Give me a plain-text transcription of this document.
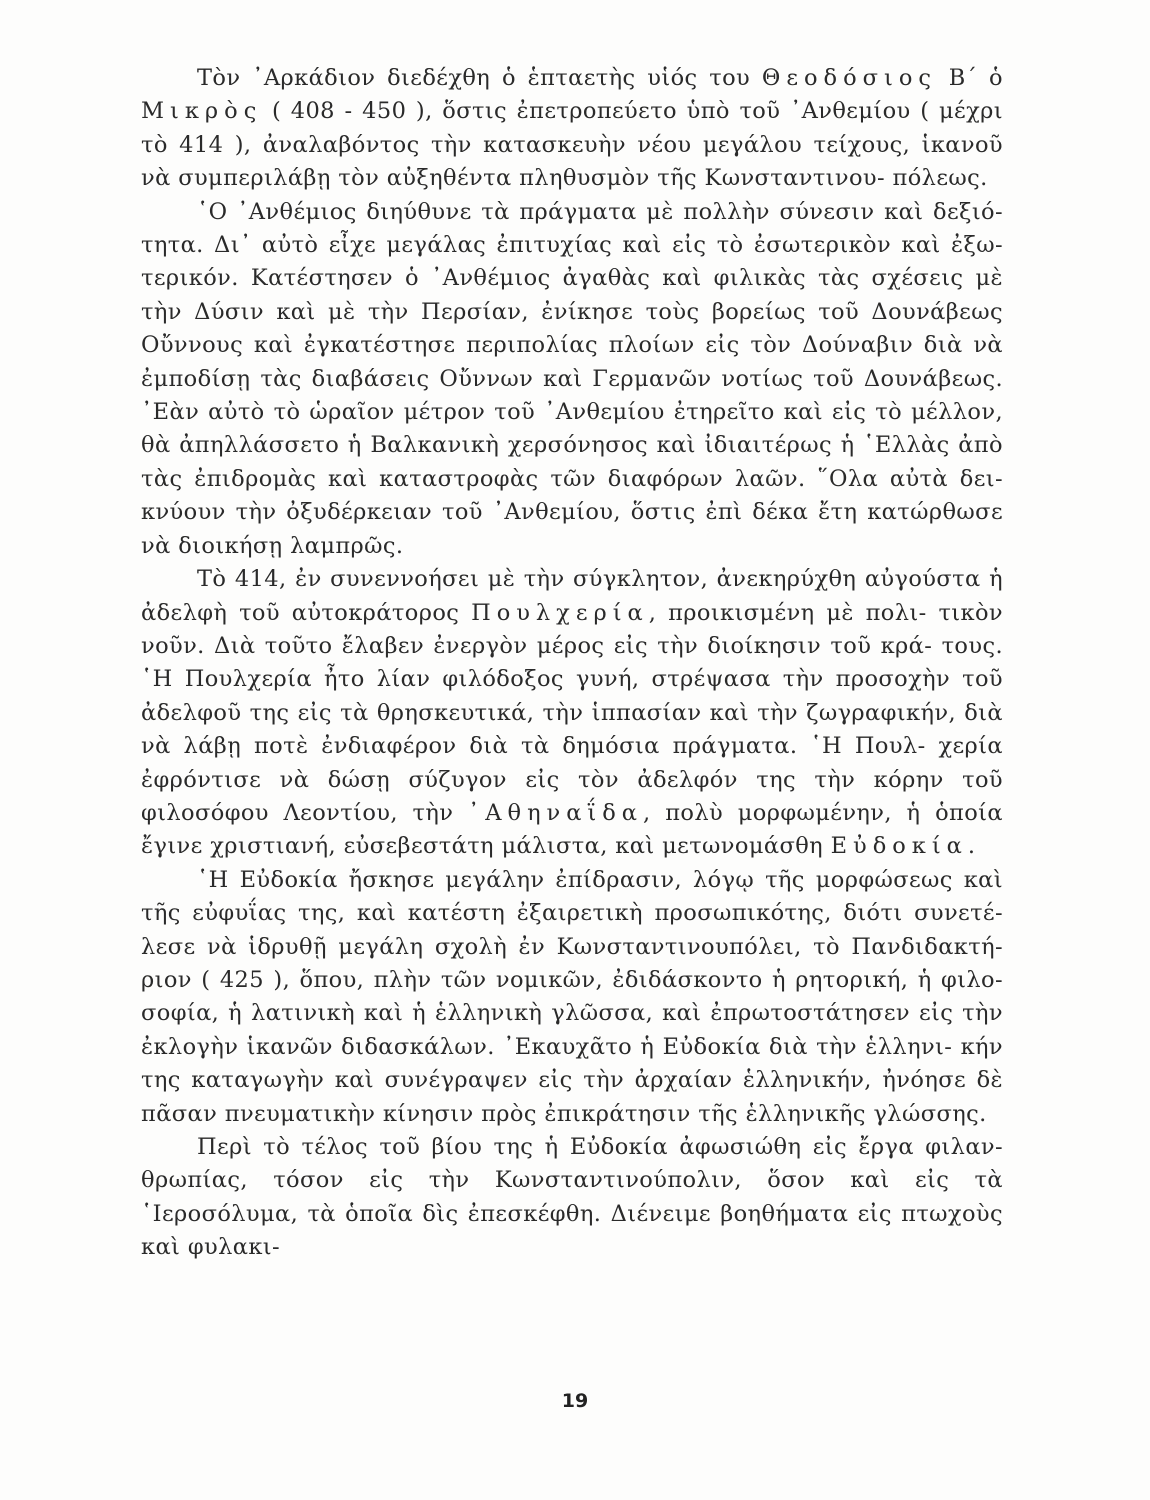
Τὸν ᾿Αρκάδιον διεδέχθη ὁ ἑπταετὴς υἱός του Θεοδόσιος Β΄ ὁ Μικρὸς ( 408 - 450 ), ὅστις ἐπετροπεύετο ὑπὸ τοῦ ᾿Ανθεμίου ( μέχρι τὸ 414 ), ἀναλαβόντος τὴν κατασκευὴν νέου μεγάλου τείχους, ἱκανοῦ νὰ συμπεριλάβῃ τὸν αὐξηθέντα πληθυσμὸν τῆς Κωνσταντινου- πόλεως.

῾Ο ᾿Ανθέμιος διηύθυνε τὰ πράγματα μὲ πολλὴν σύνεσιν καὶ δεξιό- τητα. Δι᾿ αὐτὸ εἶχε μεγάλας ἐπιτυχίας καὶ εἰς τὸ ἐσωτερικὸν καὶ ἐξω- τερικόν. Κατέστησεν ὁ ᾿Ανθέμιος ἀγαθὰς καὶ φιλικὰς τὰς σχέσεις μὲ τὴν Δύσιν καὶ μὲ τὴν Περσίαν, ἐνίκησε τοὺς βορείως τοῦ Δουνάβεως Οὔννους καὶ ἐγκατέστησε περιπολίας πλοίων εἰς τὸν Δούναβιν διὰ νὰ ἐμποδίσῃ τὰς διαβάσεις Οὔννων καὶ Γερμανῶν νοτίως τοῦ Δουνάβεως. ᾿Εὰν αὐτὸ τὸ ὡραῖον μέτρον τοῦ ᾿Ανθεμίου ἐτηρεῖτο καὶ εἰς τὸ μέλλον, θὰ ἀπηλλάσσετο ἡ Βαλκανικὴ χερσόνησος καὶ ἰδιαιτέρως ἡ ῾Ελλὰς ἀπὸ τὰς ἐπιδρομὰς καὶ καταστροφὰς τῶν διαφόρων λαῶν. ῞Ολα αὐτὰ δει- κνύουν τὴν ὀξυδέρκειαν τοῦ ᾿Ανθεμίου, ὅστις ἐπὶ δέκα ἔτη κατώρθωσε νὰ διοικήσῃ λαμπρῶς.

Τὸ 414, ἐν συνεννοήσει μὲ τὴν σύγκλητον, ἀνεκηρύχθη αὐγούστα ἡ ἀδελφὴ τοῦ αὐτοκράτορος Πουλχερία, προικισμένη μὲ πολι- τικὸν νοῦν. Διὰ τοῦτο ἔλαβεν ἐνεργὸν μέρος εἰς τὴν διοίκησιν τοῦ κρά- τους. ῾Η Πουλχερία ἦτο λίαν φιλόδοξος γυνή, στρέψασα τὴν προσοχὴν τοῦ ἀδελφοῦ της εἰς τὰ θρησκευτικά, τὴν ἱππασίαν καὶ τὴν ζωγραφικήν, διὰ νὰ λάβῃ ποτὲ ἐνδιαφέρον διὰ τὰ δημόσια πράγματα. ῾Η Πουλ- χερία ἐφρόντισε νὰ δώσῃ σύζυγον εἰς τὸν ἀδελφόν της τὴν κόρην τοῦ φιλοσόφου Λεοντίου, τὴν ᾿Αθηναΐδα, πολὺ μορφωμένην, ἡ ὁποία ἔγινε χριστιανή, εὐσεβεστάτη μάλιστα, καὶ μετωνομάσθη Εὐδοκία.

῾Η Εὐδοκία ἤσκησε μεγάλην ἐπίδρασιν, λόγῳ τῆς μορφώσεως καὶ τῆς εὐφυΐας της, καὶ κατέστη ἐξαιρετικὴ προσωπικότης, διότι συνετέ- λεσε νὰ ἱδρυθῇ μεγάλη σχολὴ ἐν Κωνσταντινουπόλει, τὸ Πανδιδακτή- ριον ( 425 ), ὅπου, πλὴν τῶν νομικῶν, ἐδιδάσκοντο ἡ ρητορική, ἡ φιλο- σοφία, ἡ λατινικὴ καὶ ἡ ἑλληνικὴ γλῶσσα, καὶ ἐπρωτοστάτησεν εἰς τὴν ἐκλογὴν ἱκανῶν διδασκάλων. ᾿Εκαυχᾶτο ἡ Εὐδοκία διὰ τὴν ἑλληνι- κήν της καταγωγὴν καὶ συνέγραψεν εἰς τὴν ἀρχαίαν ἑλληνικήν, ἠνόησε δὲ πᾶσαν πνευματικὴν κίνησιν πρὸς ἐπικράτησιν τῆς ἑλληνικῆς γλώσσης.

Περὶ τὸ τέλος τοῦ βίου της ἡ Εὐδοκία ἀφωσιώθη εἰς ἔργα φιλαν- θρωπίας, τόσον εἰς τὴν Κωνσταντινούπολιν, ὅσον καὶ εἰς τὰ ῾Ιεροσόλυμα, τὰ ὁποῖα δὶς ἐπεσκέφθη. Διένειμε βοηθήματα εἰς πτωχοὺς καὶ φυλακι-

19
